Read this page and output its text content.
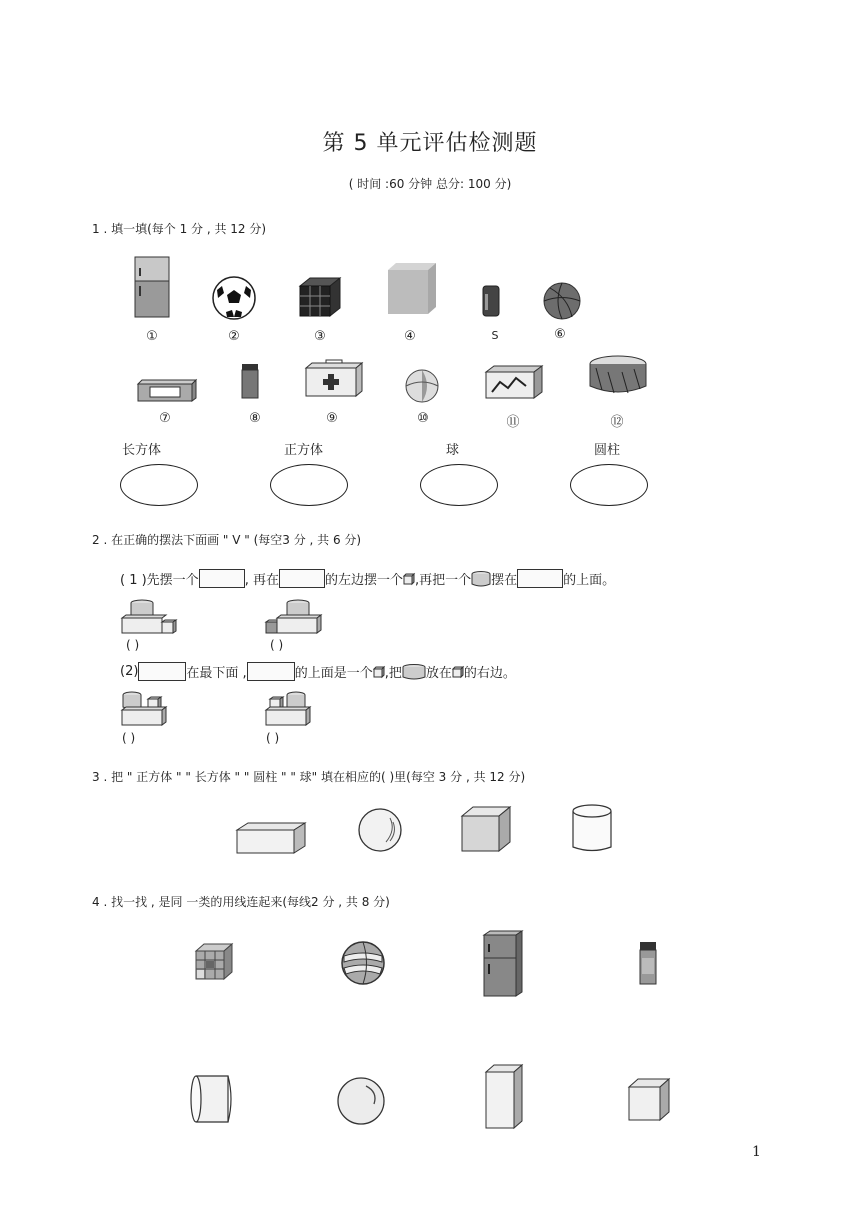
第 5 单元评估检测题
( 时间 :60 分钟 总分: 100 分)
1 . 填一填(每个 1 分 , 共 12 分)
①	②	③	④	S	⑥
⑦	⑧	⑨	⑩	⑪	⑫
长方体	正方体	球	圆柱
2 . 在正确的摆法下面画 " V " (每空3 分 , 共 6 分)
( 1 )先摆一个	, 再在	的左边摆一个 ,再把一个 摆在	的上面。
( )	( )
(2)	在最下面 ,	的上面是一个 ,把 放在 的右边。
( )	( )
3 . 把 " 正方体 " " 长方体 " " 圆柱 " " 球" 填在相应的( )里(每空 3 分 , 共 12 分)
4 . 找一找 , 是同 一类的用线连起来(每线2 分 , 共 8 分)
1
